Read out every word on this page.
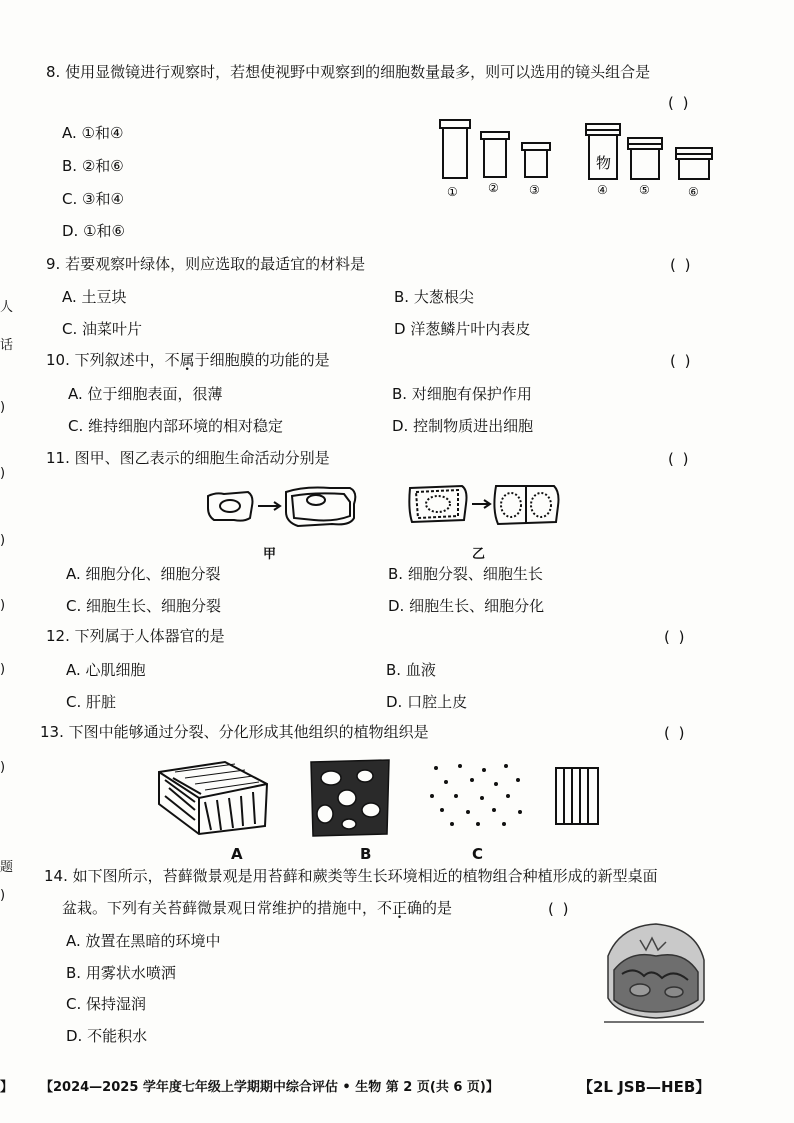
人
话
)
)
)
)
)
)
题
)
8. 使用显微镜进行观察时，若想使视野中观察到的细胞数量最多，则可以选用的镜头组合是
( )
A. ①和④
B. ②和⑥
C. ③和④
D. ①和⑥
物
①	②	③	④	⑤	⑥
9. 若要观察叶绿体，则应选取的最适宜的材料是	( )
A. 土豆块	B. 大葱根尖
C. 油菜叶片	D 洋葱鳞片叶内表皮
10. 下列叙述中，不属于细胞膜的功能的是	( )
A. 位于细胞表面，很薄	B. 对细胞有保护作用
C. 维持细胞内部环境的相对稳定	D. 控制物质进出细胞
11. 图甲、图乙表示的细胞生命活动分别是	( )
甲	乙
A. 细胞分化、细胞分裂	B. 细胞分裂、细胞生长
C. 细胞生长、细胞分裂	D. 细胞生长、细胞分化
12. 下列属于人体器官的是	( )
A. 心肌细胞	B. 血液
C. 肝脏	D. 口腔上皮
13. 下图中能够通过分裂、分化形成其他组织的植物组织是	( )
A	B	C
14. 如下图所示，苔藓微景观是用苔藓和蕨类等生长环境相近的植物组合种植形成的新型桌面
盆栽。下列有关苔藓微景观日常维护的措施中，不正确的是	( )
A. 放置在黑暗的环境中
B. 用雾状水喷洒
C. 保持湿润
D. 不能积水
】 【2024—2025 学年度七年级上学期期中综合评估 • 生物 第 2 页(共 6 页)】	【2L JSB—HEB】
